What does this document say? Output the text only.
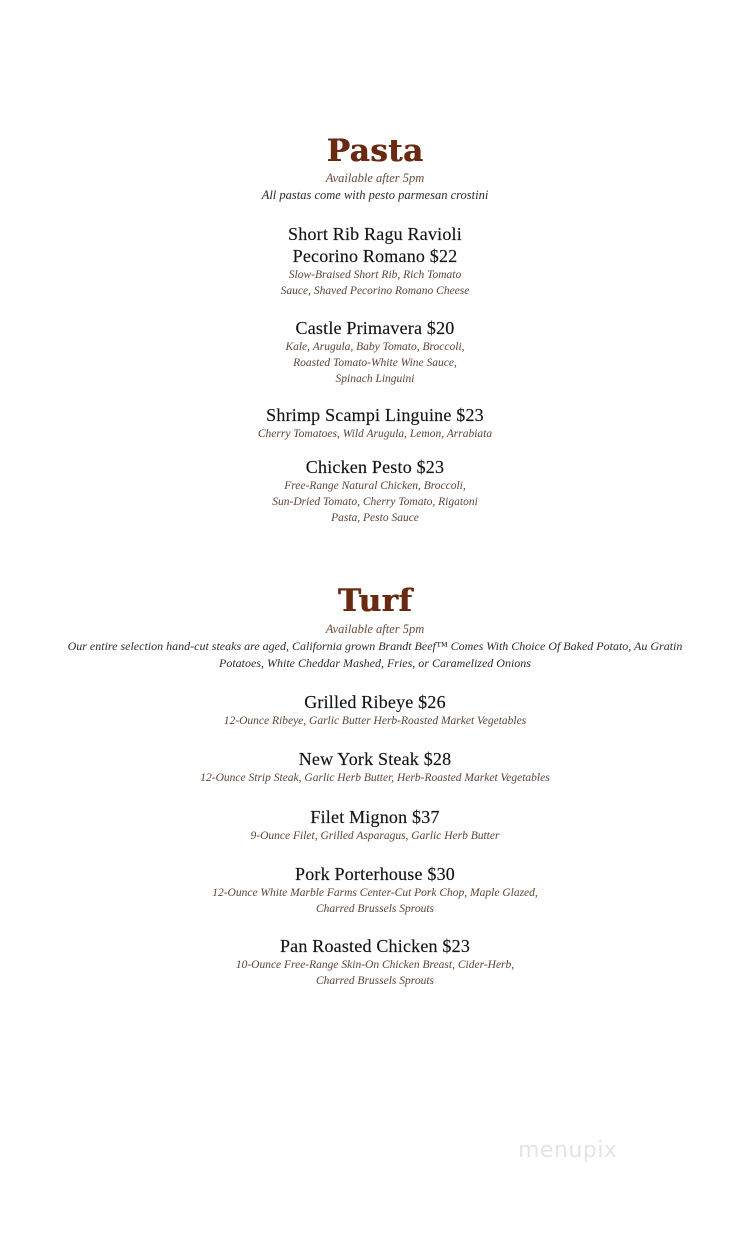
Pasta

Available after 5pm

All pastas come with pesto parmesan crostini

Short Rib Ragu Ravioli
Pecorino Romano $22
Slow-Braised Short Rib, Rich Tomato
Sauce, Shaved Pecorino Romano Cheese
Castle Primavera $20
Kale, Arugula, Baby Tomato, Broccoli,
Roasted Tomato-White Wine Sauce,
Spinach Linguini
Shrimp Scampi Linguine $23
Cherry Tomatoes, Wild Arugula, Lemon, Arrabiata
Chicken Pesto $23
Free-Range Natural Chicken, Broccoli,
Sun-Dried Tomato, Cherry Tomato, Rigatoni
Pasta, Pesto Sauce
Turf

Available after 5pm

Our entire selection hand-cut steaks are aged, California grown Brandt Beef™ Comes With Choice Of Baked Potato, Au Gratin

Potatoes, White Cheddar Mashed, Fries, or Caramelized Onions

Grilled Ribeye $26
12-Ounce Ribeye, Garlic Butter Herb-Roasted Market Vegetables
New York Steak $28
12-Ounce Strip Steak, Garlic Herb Butter, Herb-Roasted Market Vegetables
Filet Mignon $37
9-Ounce Filet, Grilled Asparagus, Garlic Herb Butter
Pork Porterhouse $30
12-Ounce White Marble Farms Center-Cut Pork Chop, Maple Glazed,
Charred Brussels Sprouts
Pan Roasted Chicken $23
10-Ounce Free-Range Skin-On Chicken Breast, Cider-Herb,
Charred Brussels Sprouts
menupix
